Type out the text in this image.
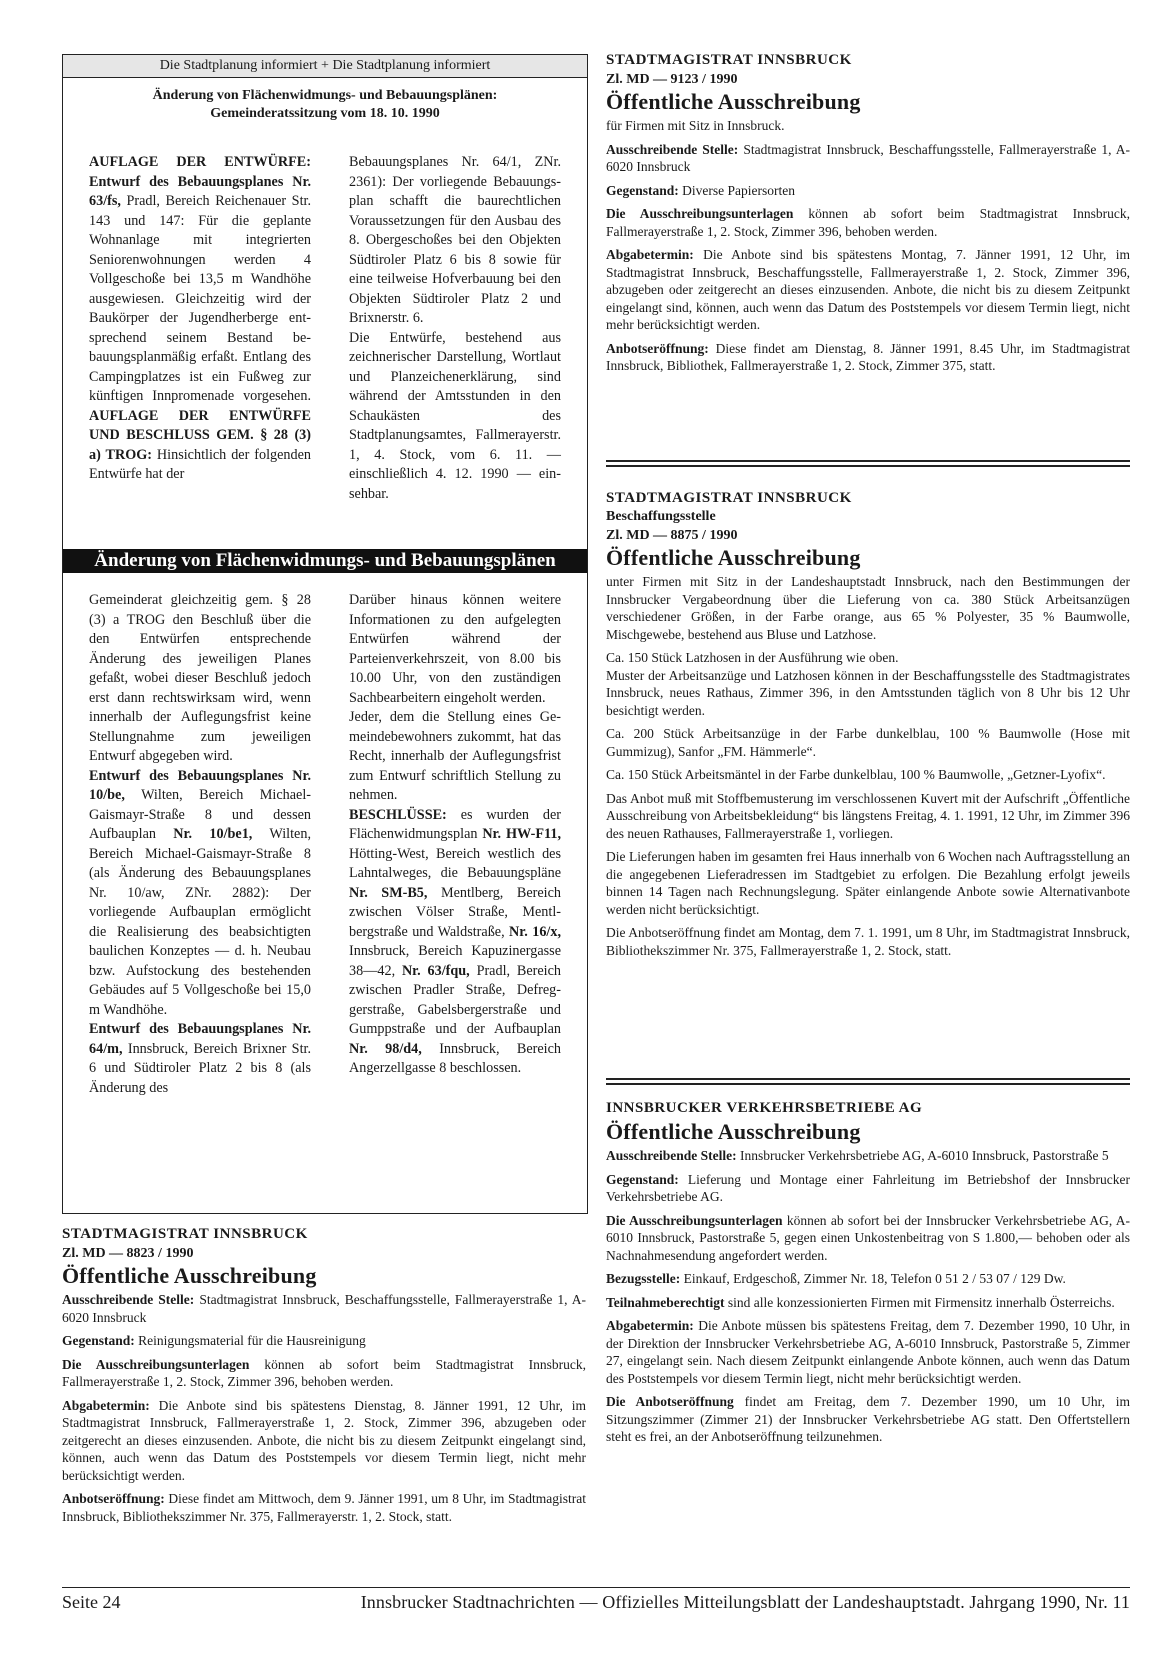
Die Stadtplanung informiert + Die Stadtplanung informiert
Änderung von Flächenwidmungs- und Bebauungsplänen:
Gemeinderatssitzung vom 18. 10. 1990
AUFLAGE DER ENTWÜRFE: Entwurf des Bebauungsplanes Nr. 63/fs, Pradl, Bereich Reichenauer Str. 143 und 147: Für die geplante Wohnanlage mit integrierten Seniorenwohnungen werden 4 Vollgeschoße bei 13,5 m Wandhöhe ausgewiesen. Gleichzeitig wird der Baukörper der Jugendherberge entsprechend seinem Bestand bebauungsplanmäßig erfaßt. Entlang des Campingplatzes ist ein Fußweg zur künftigen Innpromenade vorgesehen. AUFLAGE DER ENTWÜRFE UND BESCHLUSS GEM. § 28 (3) a) TROG: Hinsichtlich der folgenden Entwürfe hat der

Bebauungsplanes Nr. 64/1, ZNr. 2361): Der vorliegende Bebauungsplan schafft die baurechtlichen Voraussetzungen für den Ausbau des 8. Obergeschoßes bei den Objekten Südtiroler Platz 6 bis 8 sowie für eine teilweise Hofverbauung bei den Objekten Südtiroler Platz 2 und Brixnerstr. 6.

Die Entwürfe, bestehend aus zeichnerischer Darstellung, Wortlaut und Planzeichenerklärung, sind während der Amtsstunden in den Schaukästen des Stadtplanungsamtes, Fallmerayerstr. 1, 4. Stock, vom 6. 11. — einschließlich 4. 12. 1990 — einsehbar.

Änderung von Flächenwidmungs- und Bebauungsplänen

Gemeinderat gleichzeitig gem. § 28 (3) a TROG den Beschluß über die den Entwürfen entsprechende Änderung des jeweiligen Planes gefaßt, wobei dieser Beschluß jedoch erst dann rechtswirksam wird, wenn innerhalb der Auflegungsfrist keine Stellungnahme zum jeweiligen Entwurf abgegeben wird.

Entwurf des Bebauungsplanes Nr. 10/be, Wilten, Bereich Michael-Gaismayr-Straße 8 und dessen Aufbauplan Nr. 10/be1, Wilten, Bereich Michael-Gaismayr-Straße 8 (als Änderung des Bebauungsplanes Nr. 10/aw, ZNr. 2882): Der vorliegende Aufbauplan ermöglicht die Realisierung des beabsichtigten baulichen Konzeptes — d. h. Neubau bzw. Aufstockung des bestehenden Gebäudes auf 5 Vollgeschoße bei 15,0 m Wandhöhe.

Entwurf des Bebauungsplanes Nr. 64/m, Innsbruck, Bereich Brixner Str. 6 und Südtiroler Platz 2 bis 8 (als Änderung des

Darüber hinaus können weitere Informationen zu den aufgelegten Entwürfen während der Parteienverkehrszeit, von 8.00 bis 10.00 Uhr, von den zuständigen Sachbearbeitern eingeholt werden.

Jeder, dem die Stellung eines Gemeindebewohners zukommt, hat das Recht, innerhalb der Auflegungsfrist zum Entwurf schriftlich Stellung zu nehmen.

BESCHLÜSSE: es wurden der Flächenwidmungsplan Nr. HW-F11, Hötting-West, Bereich westlich des Lahntalweges, die Bebauungspläne Nr. SM-B5, Mentlberg, Bereich zwischen Völser Straße, Mentlbergstraße und Waldstraße, Nr. 16/x, Innsbruck, Bereich Kapuzinergasse 38—42, Nr. 63/fqu, Pradl, Bereich zwischen Pradler Straße, Defreggerstraße, Gabelsbergerstraße und Gumppstraße und der Aufbauplan Nr. 98/d4, Innsbruck, Bereich Angerzellgasse 8 beschlossen.

STADTMAGISTRAT INNSBRUCK
Zl. MD — 8823 / 1990
Öffentliche Ausschreibung

Ausschreibende Stelle: Stadtmagistrat Innsbruck, Beschaffungsstelle, Fallmerayerstraße 1, A-6020 Innsbruck

Gegenstand: Reinigungsmaterial für die Hausreinigung

Die Ausschreibungsunterlagen können ab sofort beim Stadtmagistrat Innsbruck, Fallmerayerstraße 1, 2. Stock, Zimmer 396, behoben werden.

Abgabetermin: Die Anbote sind bis spätestens Dienstag, 8. Jänner 1991, 12 Uhr, im Stadtmagistrat Innsbruck, Fallmerayerstraße 1, 2. Stock, Zimmer 396, abzugeben oder zeitgerecht an dieses einzusenden. Anbote, die nicht bis zu diesem Zeitpunkt eingelangt sind, können, auch wenn das Datum des Poststempels vor diesem Termin liegt, nicht mehr berücksichtigt werden.

Anbotseröffnung: Diese findet am Mittwoch, dem 9. Jänner 1991, um 8 Uhr, im Stadtmagistrat Innsbruck, Bibliothekszimmer Nr. 375, Fallmerayerstr. 1, 2. Stock, statt.

STADTMAGISTRAT INNSBRUCK
Zl. MD — 9123 / 1990
Öffentliche Ausschreibung

für Firmen mit Sitz in Innsbruck.

Ausschreibende Stelle: Stadtmagistrat Innsbruck, Beschaffungsstelle, Fallmerayerstraße 1, A-6020 Innsbruck

Gegenstand: Diverse Papiersorten

Die Ausschreibungsunterlagen können ab sofort beim Stadtmagistrat Innsbruck, Fallmerayerstraße 1, 2. Stock, Zimmer 396, behoben werden.

Abgabetermin: Die Anbote sind bis spätestens Montag, 7. Jänner 1991, 12 Uhr, im Stadtmagistrat Innsbruck, Beschaffungsstelle, Fallmerayerstraße 1, 2. Stock, Zimmer 396, abzugeben oder zeitgerecht an dieses einzusenden. Anbote, die nicht bis zu diesem Zeitpunkt eingelangt sind, können, auch wenn das Datum des Poststempels vor diesem Termin liegt, nicht mehr berücksichtigt werden.

Anbotseröffnung: Diese findet am Dienstag, 8. Jänner 1991, 8.45 Uhr, im Stadtmagistrat Innsbruck, Bibliothek, Fallmerayerstraße 1, 2. Stock, Zimmer 375, statt.

STADTMAGISTRAT INNSBRUCK
Beschaffungsstelle
Zl. MD — 8875 / 1990
Öffentliche Ausschreibung

unter Firmen mit Sitz in der Landeshauptstadt Innsbruck, nach den Bestimmungen der Innsbrucker Vergabeordnung über die Lieferung von ca. 380 Stück Arbeitsanzügen verschiedener Größen, in der Farbe orange, aus 65 % Polyester, 35 % Baumwolle, Mischgewebe, bestehend aus Bluse und Latzhose.

Ca. 150 Stück Latzhosen in der Ausführung wie oben.

Muster der Arbeitsanzüge und Latzhosen können in der Beschaffungsstelle des Stadtmagistrates Innsbruck, neues Rathaus, Zimmer 396, in den Amtsstunden täglich von 8 Uhr bis 12 Uhr besichtigt werden.

Ca. 200 Stück Arbeitsanzüge in der Farbe dunkelblau, 100 % Baumwolle (Hose mit Gummizug), Sanfor „FM. Hämmerle“.

Ca. 150 Stück Arbeitsmäntel in der Farbe dunkelblau, 100 % Baumwolle, „Getzner-Lyofix“.

Das Anbot muß mit Stoffbemusterung im verschlossenen Kuvert mit der Aufschrift „Öffentliche Ausschreibung von Arbeitsbekleidung“ bis längstens Freitag, 4. 1. 1991, 12 Uhr, im Zimmer 396 des neuen Rathauses, Fallmerayerstraße 1, vorliegen.

Die Lieferungen haben im gesamten frei Haus innerhalb von 6 Wochen nach Auftragsstellung an die angegebenen Lieferadressen im Stadtgebiet zu erfolgen. Die Bezahlung erfolgt jeweils binnen 14 Tagen nach Rechnungslegung. Später einlangende Anbote sowie Alternativanbote werden nicht berücksichtigt.

Die Anbotseröffnung findet am Montag, dem 7. 1. 1991, um 8 Uhr, im Stadtmagistrat Innsbruck, Bibliothekszimmer Nr. 375, Fallmerayerstraße 1, 2. Stock, statt.

INNSBRUCKER VERKEHRSBETRIEBE AG
Öffentliche Ausschreibung

Ausschreibende Stelle: Innsbrucker Verkehrsbetriebe AG, A-6010 Innsbruck, Pastorstraße 5

Gegenstand: Lieferung und Montage einer Fahrleitung im Betriebshof der Innsbrucker Verkehrsbetriebe AG.

Die Ausschreibungsunterlagen können ab sofort bei der Innsbrucker Verkehrsbetriebe AG, A-6010 Innsbruck, Pastorstraße 5, gegen einen Unkostenbeitrag von S 1.800,— behoben oder als Nachnahmesendung angefordert werden.

Bezugsstelle: Einkauf, Erdgeschoß, Zimmer Nr. 18, Telefon 0 51 2 / 53 07 / 129 Dw.

Teilnahmeberechtigt sind alle konzessionierten Firmen mit Firmensitz innerhalb Österreichs.

Abgabetermin: Die Anbote müssen bis spätestens Freitag, dem 7. Dezember 1990, 10 Uhr, in der Direktion der Innsbrucker Verkehrsbetriebe AG, A-6010 Innsbruck, Pastorstraße 5, Zimmer 27, eingelangt sein. Nach diesem Zeitpunkt einlangende Anbote können, auch wenn das Datum des Poststempels vor diesem Termin liegt, nicht mehr berücksichtigt werden.

Die Anbotseröffnung findet am Freitag, dem 7. Dezember 1990, um 10 Uhr, im Sitzungszimmer (Zimmer 21) der Innsbrucker Verkehrsbetriebe AG statt. Den Offertstellern steht es frei, an der Anbotseröffnung teilzunehmen.

Seite 24	Innsbrucker Stadtnachrichten — Offizielles Mitteilungsblatt der Landeshauptstadt. Jahrgang 1990, Nr. 11
